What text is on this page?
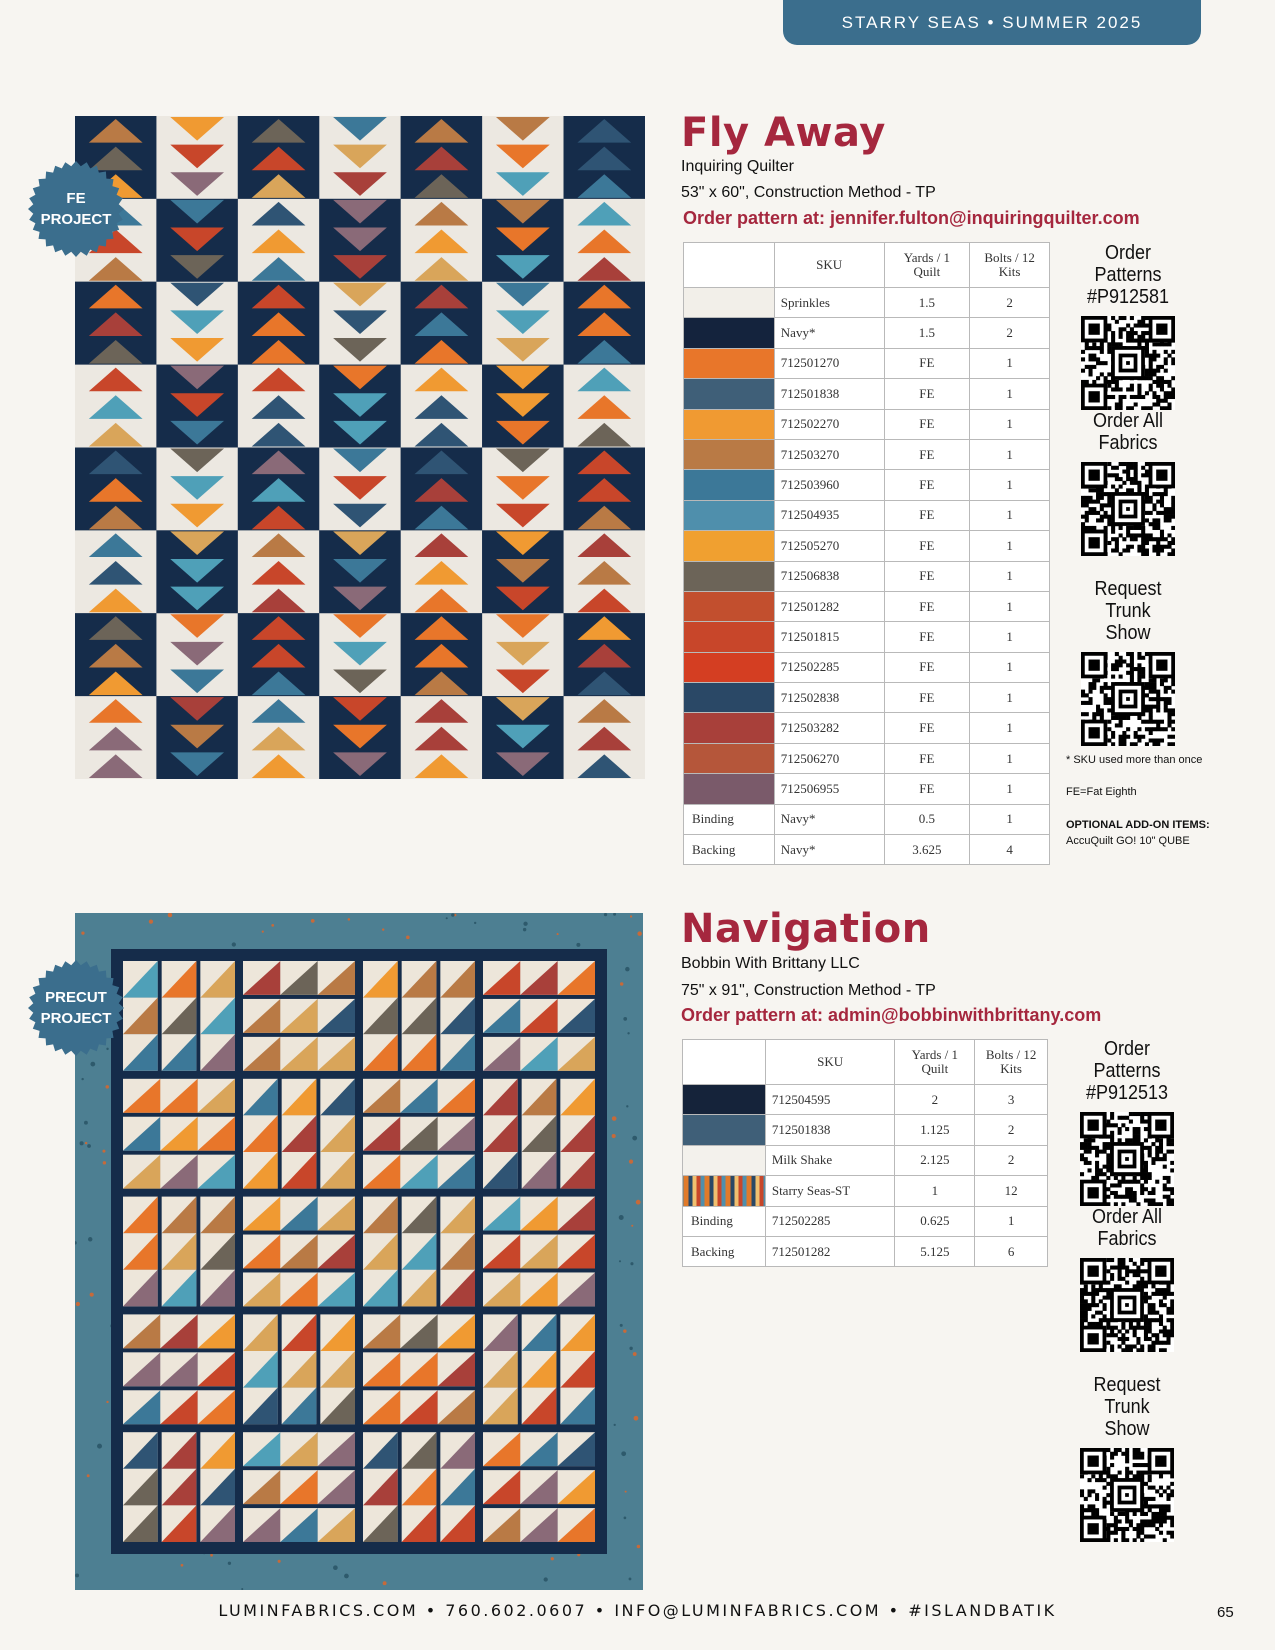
STARRY SEAS • SUMMER 2025
FE
PROJECT
Fly Away
Inquiring Quilter
53" x 60", Construction Method - TP
Order pattern at: jennifer.fulton@inquiringquilter.com
	SKU	Yards / 1 Quilt	Bolts / 12 Kits
	Sprinkles	1.5	2
	Navy*	1.5	2
	712501270	FE	1
	712501838	FE	1
	712502270	FE	1
	712503270	FE	1
	712503960	FE	1
	712504935	FE	1
	712505270	FE	1
	712506838	FE	1
	712501282	FE	1
	712501815	FE	1
	712502285	FE	1
	712502838	FE	1
	712503282	FE	1
	712506270	FE	1
	712506955	FE	1
Binding	Navy*	0.5	1
Backing	Navy*	3.625	4
Order Patterns
#P912581
Order All
Fabrics
Request Trunk
Show
* SKU used more than once
FE=Fat Eighth
OPTIONAL ADD-ON ITEMS:
AccuQuilt GO! 10" QUBE
PRECUT
PROJECT
Navigation
Bobbin With Brittany LLC
75" x 91", Construction Method - TP
Order pattern at: admin@bobbinwithbrittany.com
	SKU	Yards / 1 Quilt	Bolts / 12 Kits
	712504595	2	3
	712501838	1.125	2
	Milk Shake	2.125	2
	Starry Seas-ST	1	12
Binding	712502285	0.625	1
Backing	712501282	5.125	6
Order Patterns
#P912513
Order All
Fabrics
Request Trunk
Show
LUMINFABRICS.COM • 760.602.0607 • INFO@LUMINFABRICS.COM • #ISLANDBATIK	65
